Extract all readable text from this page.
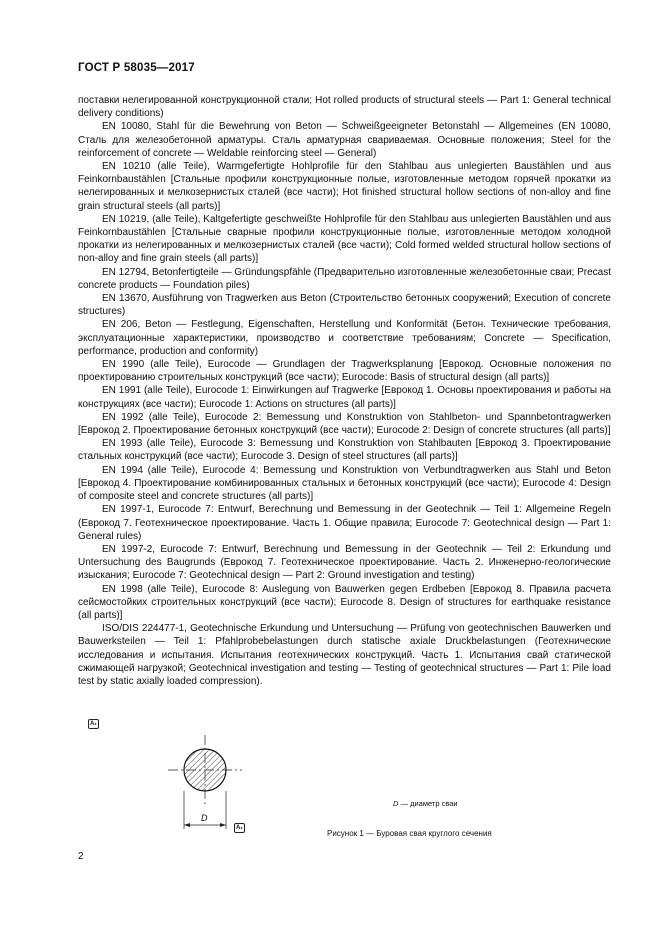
ГОСТ Р 58035—2017

поставки нелегированной конструкционной стали; Hot rolled products of structural steels — Part 1: General technical delivery conditions)

EN 10080, Stahl für die Bewehrung von Beton — Schweißgeeigneter Betonstahl — Allgemeines (EN 10080, Сталь для железобетонной арматуры. Сталь арматурная свариваемая. Основные положения; Steel for the reinforcement of concrete — Weldable reinforcing steel — General)

EN 10210 (alle Teile), Warmgefertigte Hohlprofile für den Stahlbau aus unlegierten Baustählen und aus Feinkornbaustählen [Стальные профили конструкционные полые, изготовленные методом горячей прокатки из нелегированных и мелкозернистых сталей (все части); Hot finished structural hollow sections of non-alloy and fine grain structural steels (all parts)]

EN 10219, (alle Teile), Kaltgefertigte geschweißte Hohlprofile für den Stahlbau aus unlegierten Baustählen und aus Feinkornbaustählen [Стальные сварные профили конструкционные полые, изготовленные методом холодной прокатки из нелегированных и мелкозернистых сталей (все части); Cold formed welded structural hollow sections of non-alloy and fine grain steels (all parts)]

EN 12794, Betonfertigteile — Gründungspfähle (Предварительно изготовленные железобетонные сваи; Precast concrete products — Foundation piles)

EN 13670, Ausführung von Tragwerken aus Beton (Строительство бетонных сооружений; Execution of concrete structures)

EN 206, Beton — Festlegung, Eigenschaften, Herstellung und Konformität (Бетон. Технические требования, эксплуатационные характеристики, производство и соответствие требованиям; Concrete — Specification, performance, production and conformity)

EN 1990 (alle Teile), Eurocode — Grundlagen der Tragwerksplanung [Еврокод. Основные положения по проектированию строительных конструкций (все части); Eurocode: Basis of structural design (all parts)]

EN 1991 (alle Teile), Eurocode 1: Einwirkungen auf Tragwerke [Еврокод 1. Основы проектирования и работы на конструкциях (все части); Eurocode 1: Actions on structures (all parts)]

EN 1992 (alle Teile), Eurocode 2: Bemessung und Konstruktion von Stahlbeton- und Spannbetontragwerken [Еврокод 2. Проектирование бетонных конструкций (все части); Eurocode 2: Design of concrete structures (all parts)]

EN 1993 (alle Teile), Eurocode 3: Bemessung und Konstruktion von Stahlbauten [Еврокод 3. Проектирование стальных конструкций (все части); Eurocode 3. Design of steel structures (all parts)]

EN 1994 (alle Teile), Eurocode 4: Bemessung und Konstruktion von Verbundtragwerken aus Stahl und Beton [Еврокод 4. Проектирование комбинированных стальных и бетонных конструкций (все части); Eurocode 4: Design of composite steel and concrete structures (all parts)]

EN 1997-1, Eurocode 7: Entwurf, Berechnung und Bemessung in der Geotechnik — Teil 1: Allgemeine Regeln (Еврокод 7. Геотехническое проектирование. Часть 1. Общие правила; Eurocode 7: Geotechnical design — Part 1: General rules)

EN 1997-2, Eurocode 7: Entwurf, Berechnung und Bemessung in der Geotechnik — Teil 2: Erkundung und Untersuchung des Baugrunds (Еврокод 7. Геотехническое проектирование. Часть 2. Инженерно-геологические изыскания; Eurocode 7: Geotechnical design — Part 2: Ground investigation and testing)

EN 1998 (alle Teile), Eurocode 8: Auslegung von Bauwerken gegen Erdbeben [Еврокод 8. Правила расчета сейсмостойких строительных конструкций (все части); Eurocode 8. Design of structures for earthquake resistance (all parts)]

ISO/DIS 224477-1, Geotechnische Erkundung und Untersuchung — Prüfung von geotechnischen Bauwerken und Bauwerksteilen — Teil 1: Pfahlprobebelastungen durch statische axiale Druckbelastungen (Геотехнические исследования и испытания. Испытания геотехнических конструкций. Часть 1. Испытания свай статической сжимающей нагрузкой; Geotechnical investigation and testing — Testing of geotechnical structures — Part 1: Pile load test by static axially loaded compression).

A₁
D
A₁
D — диаметр сваи
Рисунок 1 — Буровая свая круглого сечения
2
